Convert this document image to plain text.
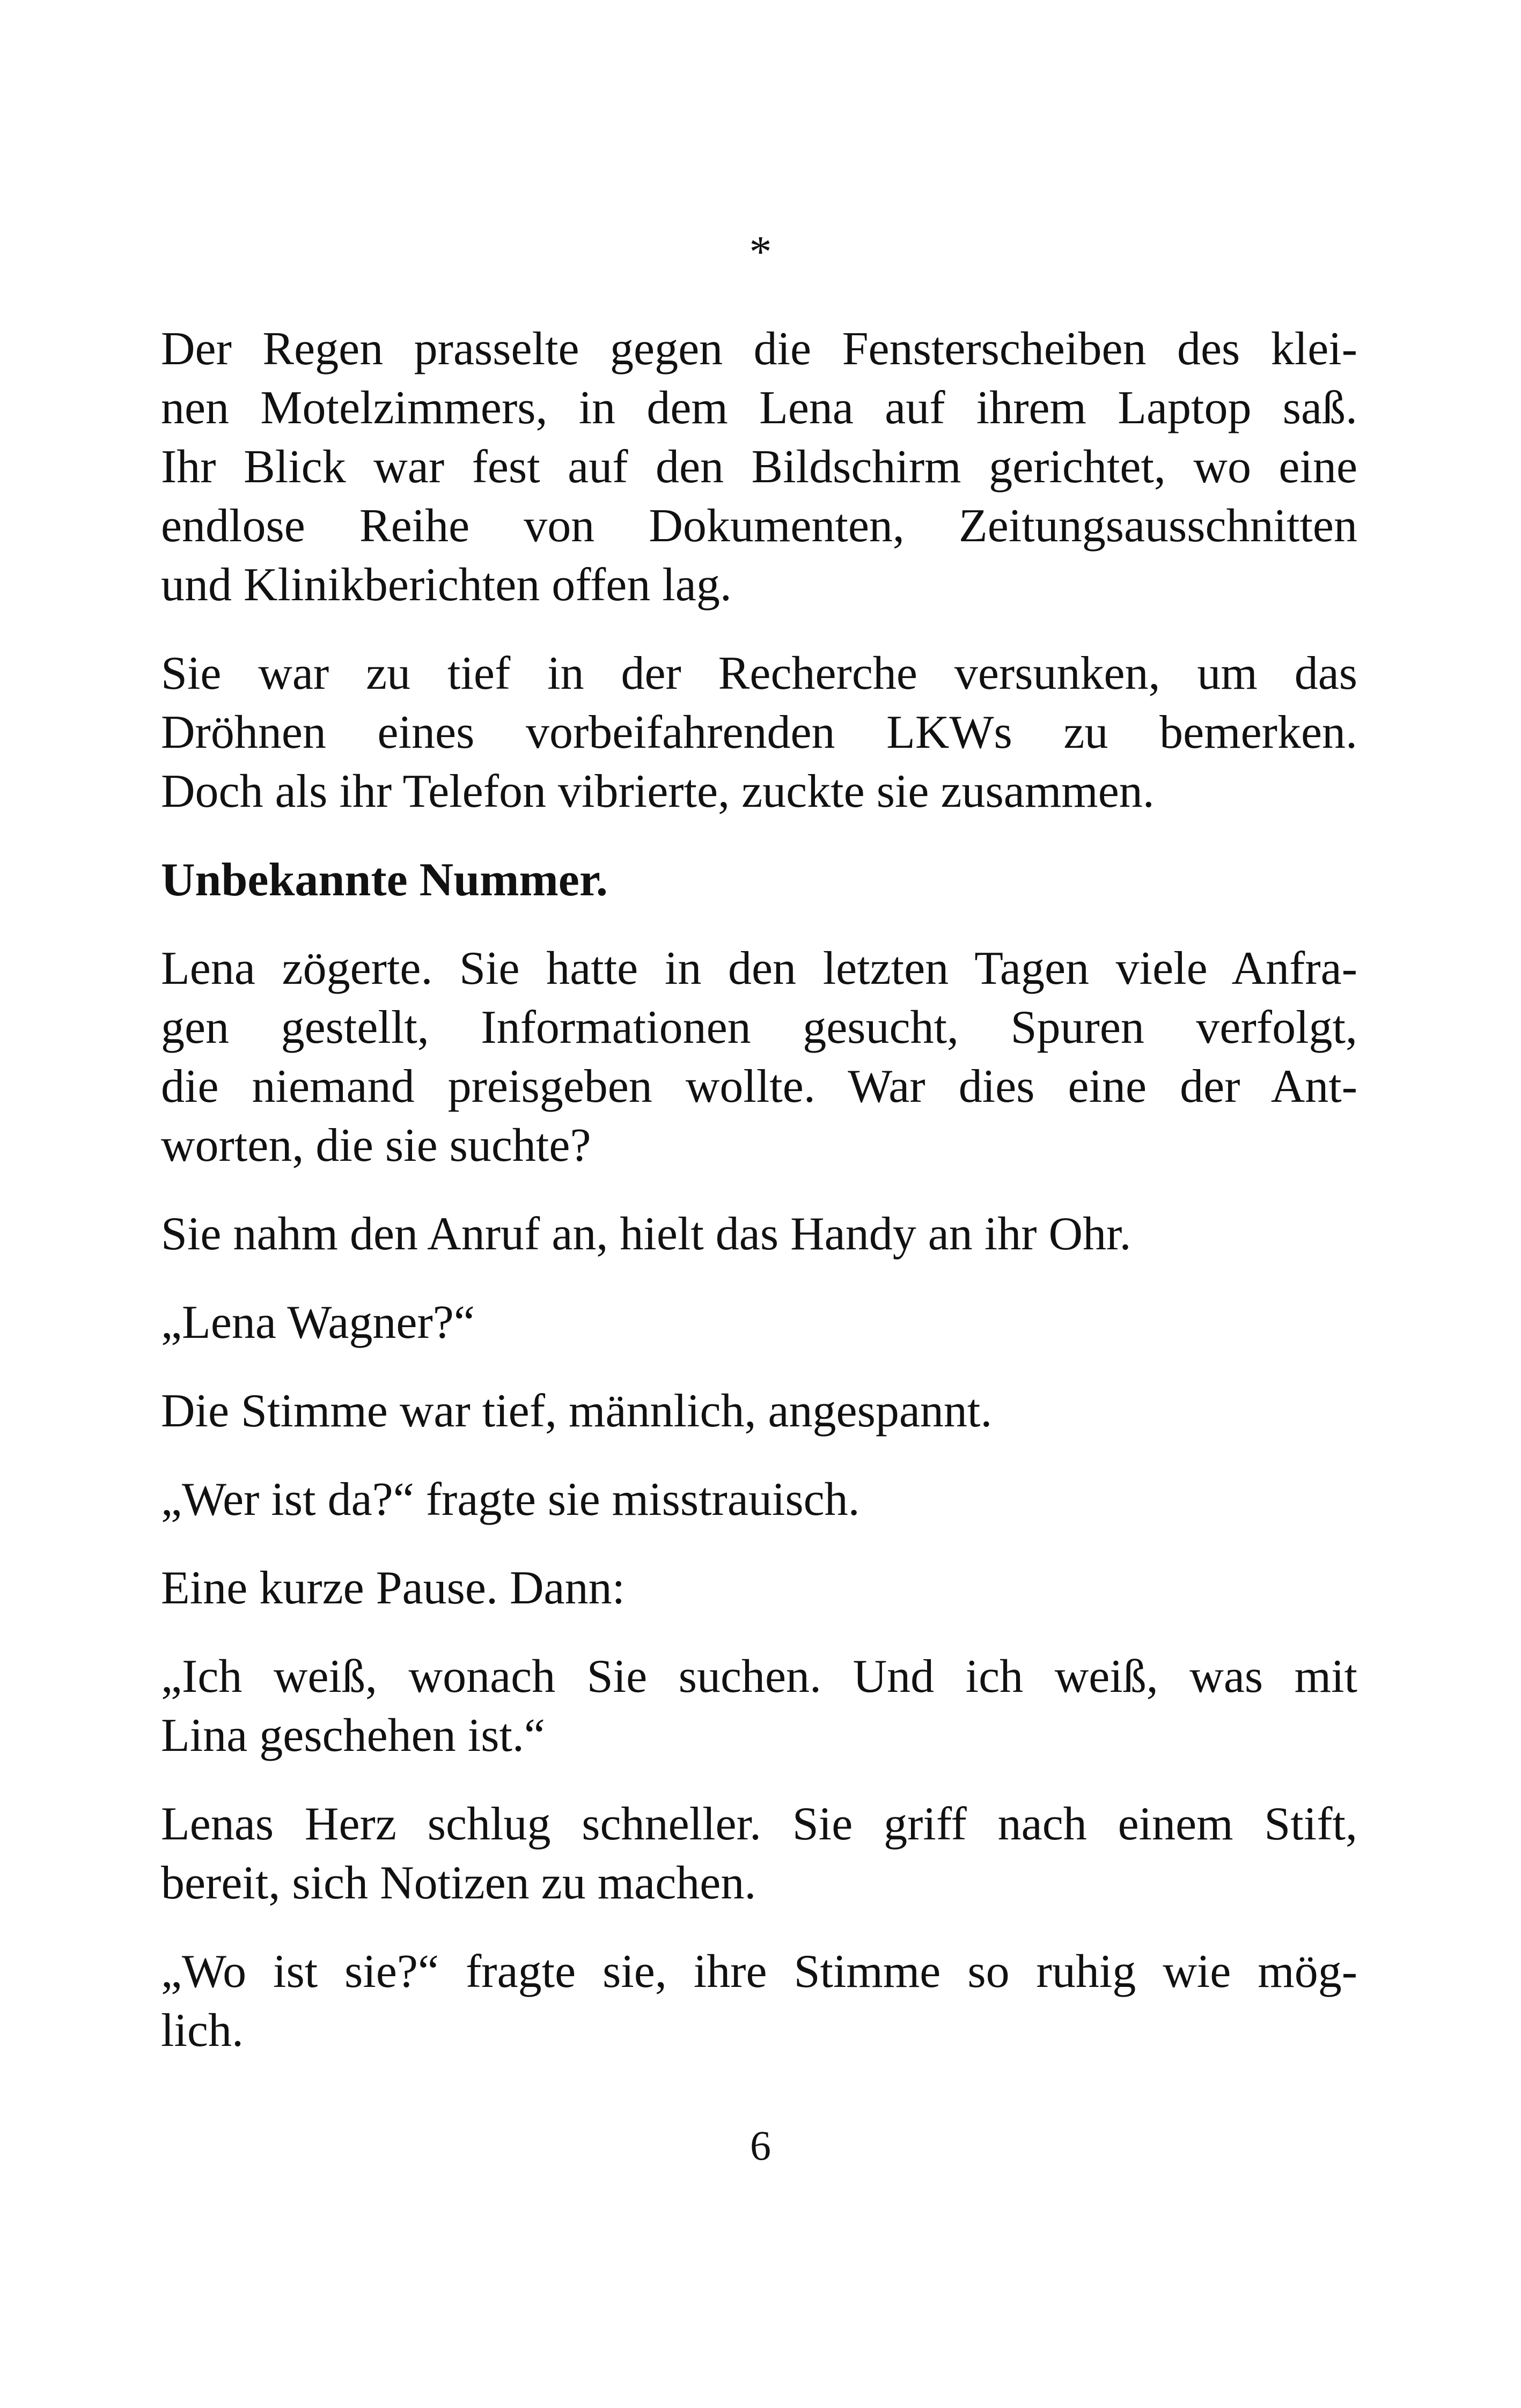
*

Der Regen prasselte gegen die Fensterscheiben des klei-
nen Motelzimmers, in dem Lena auf ihrem Laptop saß.
Ihr Blick war fest auf den Bildschirm gerichtet, wo eine
endlose Reihe von Dokumenten, Zeitungsausschnitten
und Klinikberichten offen lag.

Sie war zu tief in der Recherche versunken, um das
Dröhnen eines vorbeifahrenden LKWs zu bemerken.
Doch als ihr Telefon vibrierte, zuckte sie zusammen.

Unbekannte Nummer.

Lena zögerte. Sie hatte in den letzten Tagen viele Anfra-
gen gestellt, Informationen gesucht, Spuren verfolgt,
die niemand preisgeben wollte. War dies eine der Ant-
worten, die sie suchte?

Sie nahm den Anruf an, hielt das Handy an ihr Ohr.

„Lena Wagner?“

Die Stimme war tief, männlich, angespannt.

„Wer ist da?“ fragte sie misstrauisch.

Eine kurze Pause. Dann:

„Ich weiß, wonach Sie suchen. Und ich weiß, was mit
Lina geschehen ist.“

Lenas Herz schlug schneller. Sie griff nach einem Stift,
bereit, sich Notizen zu machen.

„Wo ist sie?“ fragte sie, ihre Stimme so ruhig wie mög-
lich.

6
